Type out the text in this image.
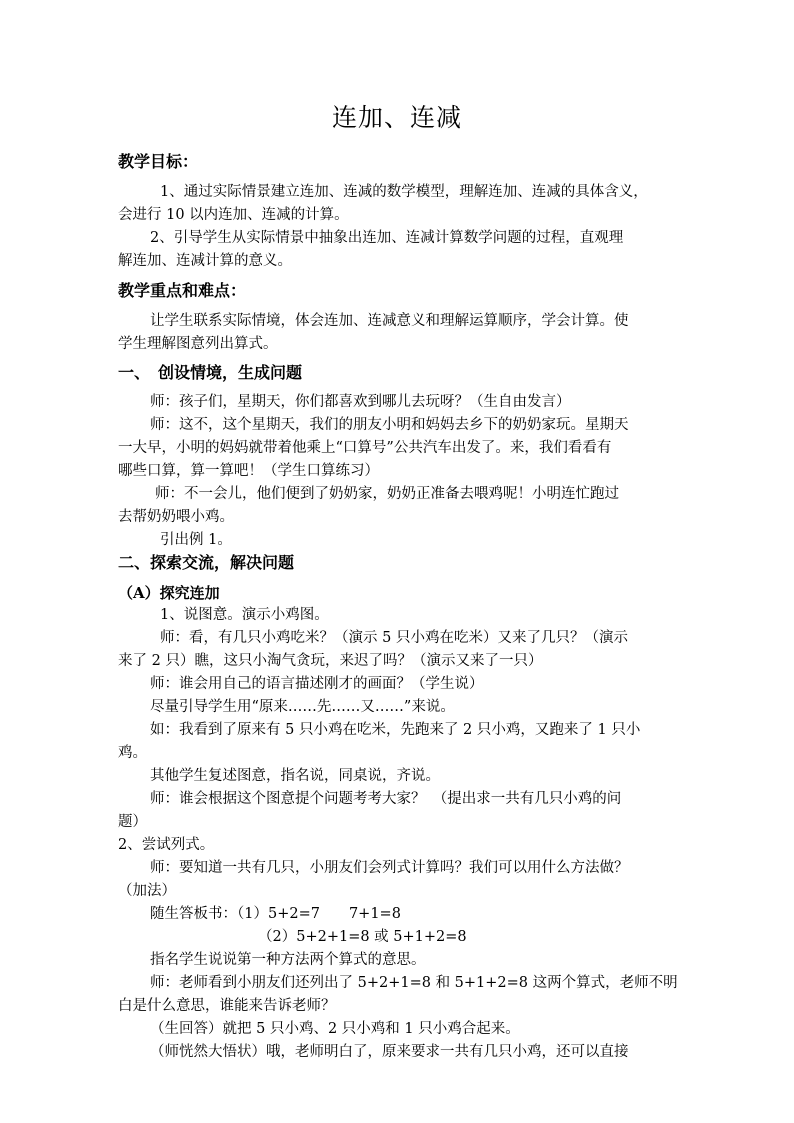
连加、连减
教学目标：
1、通过实际情景建立连加、连减的数学模型，理解连加、连减的具体含义，
会进行 10 以内连加、连减的计算。
2、引导学生从实际情景中抽象出连加、连减计算数学问题的过程，直观理
解连加、连减计算的意义。
教学重点和难点：
让学生联系实际情境，体会连加、连减意义和理解运算顺序，学会计算。使
学生理解图意列出算式。
一、　创设情境，生成问题
师：孩子们，星期天，你们都喜欢到哪儿去玩呀？（生自由发言）
师：这不，这个星期天，我们的朋友小明和妈妈去乡下的奶奶家玩。星期天
一大早，小明的妈妈就带着他乘上“口算号”公共汽车出发了。来，我们看看有
哪些口算，算一算吧！（学生口算练习）
师：不一会儿，他们便到了奶奶家，奶奶正准备去喂鸡呢！小明连忙跑过
去帮奶奶喂小鸡。
引出例 1。
二、探索交流，解决问题
（A）探究连加
1、说图意。演示小鸡图。
师：看，有几只小鸡吃米？（演示 5 只小鸡在吃米）又来了几只？（演示
来了 2 只）瞧，这只小淘气贪玩，来迟了吗？（演示又来了一只）
师：谁会用自己的语言描述刚才的画面？（学生说）
尽量引导学生用“原来……先……又……”来说。
如：我看到了原来有 5 只小鸡在吃米，先跑来了 2 只小鸡，又跑来了 1 只小
鸡。
其他学生复述图意，指名说，同桌说，齐说。
师：谁会根据这个图意提个问题考考大家？　（提出求一共有几只小鸡的问
题）
2、尝试列式。
师：要知道一共有几只，小朋友们会列式计算吗？我们可以用什么方法做？
（加法）
随生答板书：（1）5+2=7　　7+1=8
（2）5+2+1=8 或 5+1+2=8
指名学生说说第一种方法两个算式的意思。
师：老师看到小朋友们还列出了 5+2+1=8 和 5+1+2=8 这两个算式，老师不明
白是什么意思，谁能来告诉老师？
（生回答）就把 5 只小鸡、2 只小鸡和 1 只小鸡合起来。
（师恍然大悟状）哦，老师明白了，原来要求一共有几只小鸡，还可以直接
